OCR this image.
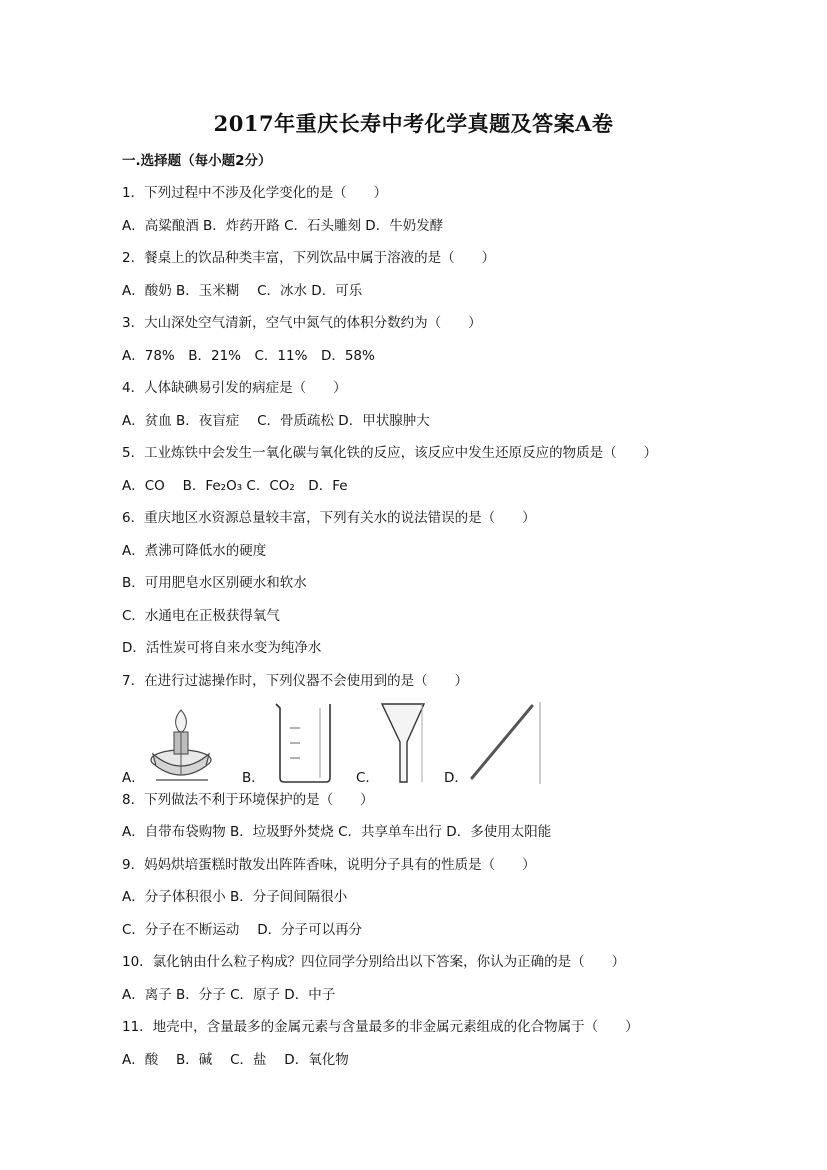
2017年重庆长寿中考化学真题及答案A卷
一.选择题（每小题2分）
1．下列过程中不涉及化学变化的是（　　）
A．高粱酿酒 B．炸药开路 C．石头雕刻 D．牛奶发酵
2．餐桌上的饮品种类丰富，下列饮品中属于溶液的是（　　）
A．酸奶 B．玉米糊　 C．冰水 D．可乐
3．大山深处空气清新，空气中氮气的体积分数约为（　　）
A．78%　B．21%　C．11%　D．58%
4．人体缺碘易引发的病症是（　　）
A．贫血 B．夜盲症　 C．骨质疏松 D．甲状腺肿大
5．工业炼铁中会发生一氧化碳与氧化铁的反应，该反应中发生还原反应的物质是（　　）
A．CO　 B．Fe₂O₃ C．CO₂　D．Fe
6．重庆地区水资源总量较丰富，下列有关水的说法错误的是（　　）
A．煮沸可降低水的硬度
B．可用肥皂水区别硬水和软水
C．水通电在正极获得氧气
D．活性炭可将自来水变为纯净水
7．在进行过滤操作时，下列仪器不会使用到的是（　　）
A．	B．	C．	D．
8．下列做法不利于环境保护的是（　　）
A．自带布袋购物 B．垃圾野外焚烧 C．共享单车出行 D．多使用太阳能
9．妈妈烘培蛋糕时散发出阵阵香味，说明分子具有的性质是（　　）
A．分子体积很小 B．分子间间隔很小
C．分子在不断运动　 D．分子可以再分
10．氯化钠由什么粒子构成？四位同学分别给出以下答案，你认为正确的是（　　）
A．离子 B．分子 C．原子 D．中子
11．地壳中，含量最多的金属元素与含量最多的非金属元素组成的化合物属于（　　）
A．酸　 B．碱　 C．盐　 D．氧化物
